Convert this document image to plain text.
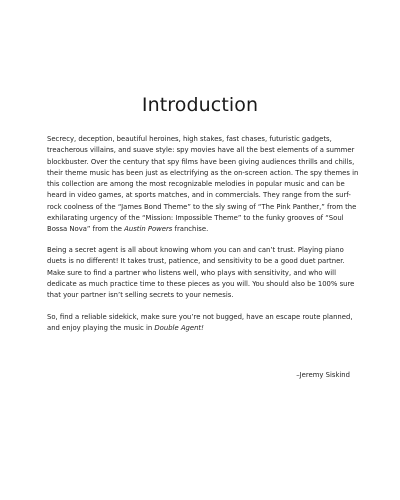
Introduction

Secrecy, deception, beautiful heroines, high stakes, fast chases, futuristic gadgets, treacherous villains, and suave style: spy movies have all the best elements of a summer blockbuster. Over the century that spy films have been giving audiences thrills and chills, their theme music has been just as electrifying as the on-screen action. The spy themes in this collection are among the most recognizable melodies in popular music and can be heard in video games, at sports matches, and in commercials. They range from the surf-rock coolness of the “James Bond Theme” to the sly swing of “The Pink Panther,” from the exhilarating urgency of the “Mission: Impossible Theme” to the funky grooves of “Soul Bossa Nova” from the Austin Powers franchise.

Being a secret agent is all about knowing whom you can and can’t trust. Playing piano duets is no different! It takes trust, patience, and sensitivity to be a good duet partner. Make sure to find a partner who listens well, who plays with sensitivity, and who will dedicate as much practice time to these pieces as you will. You should also be 100% sure that your partner isn’t selling secrets to your nemesis.

So, find a reliable sidekick, make sure you’re not bugged, have an escape route planned, and enjoy playing the music in Double Agent!

–Jeremy Siskind
